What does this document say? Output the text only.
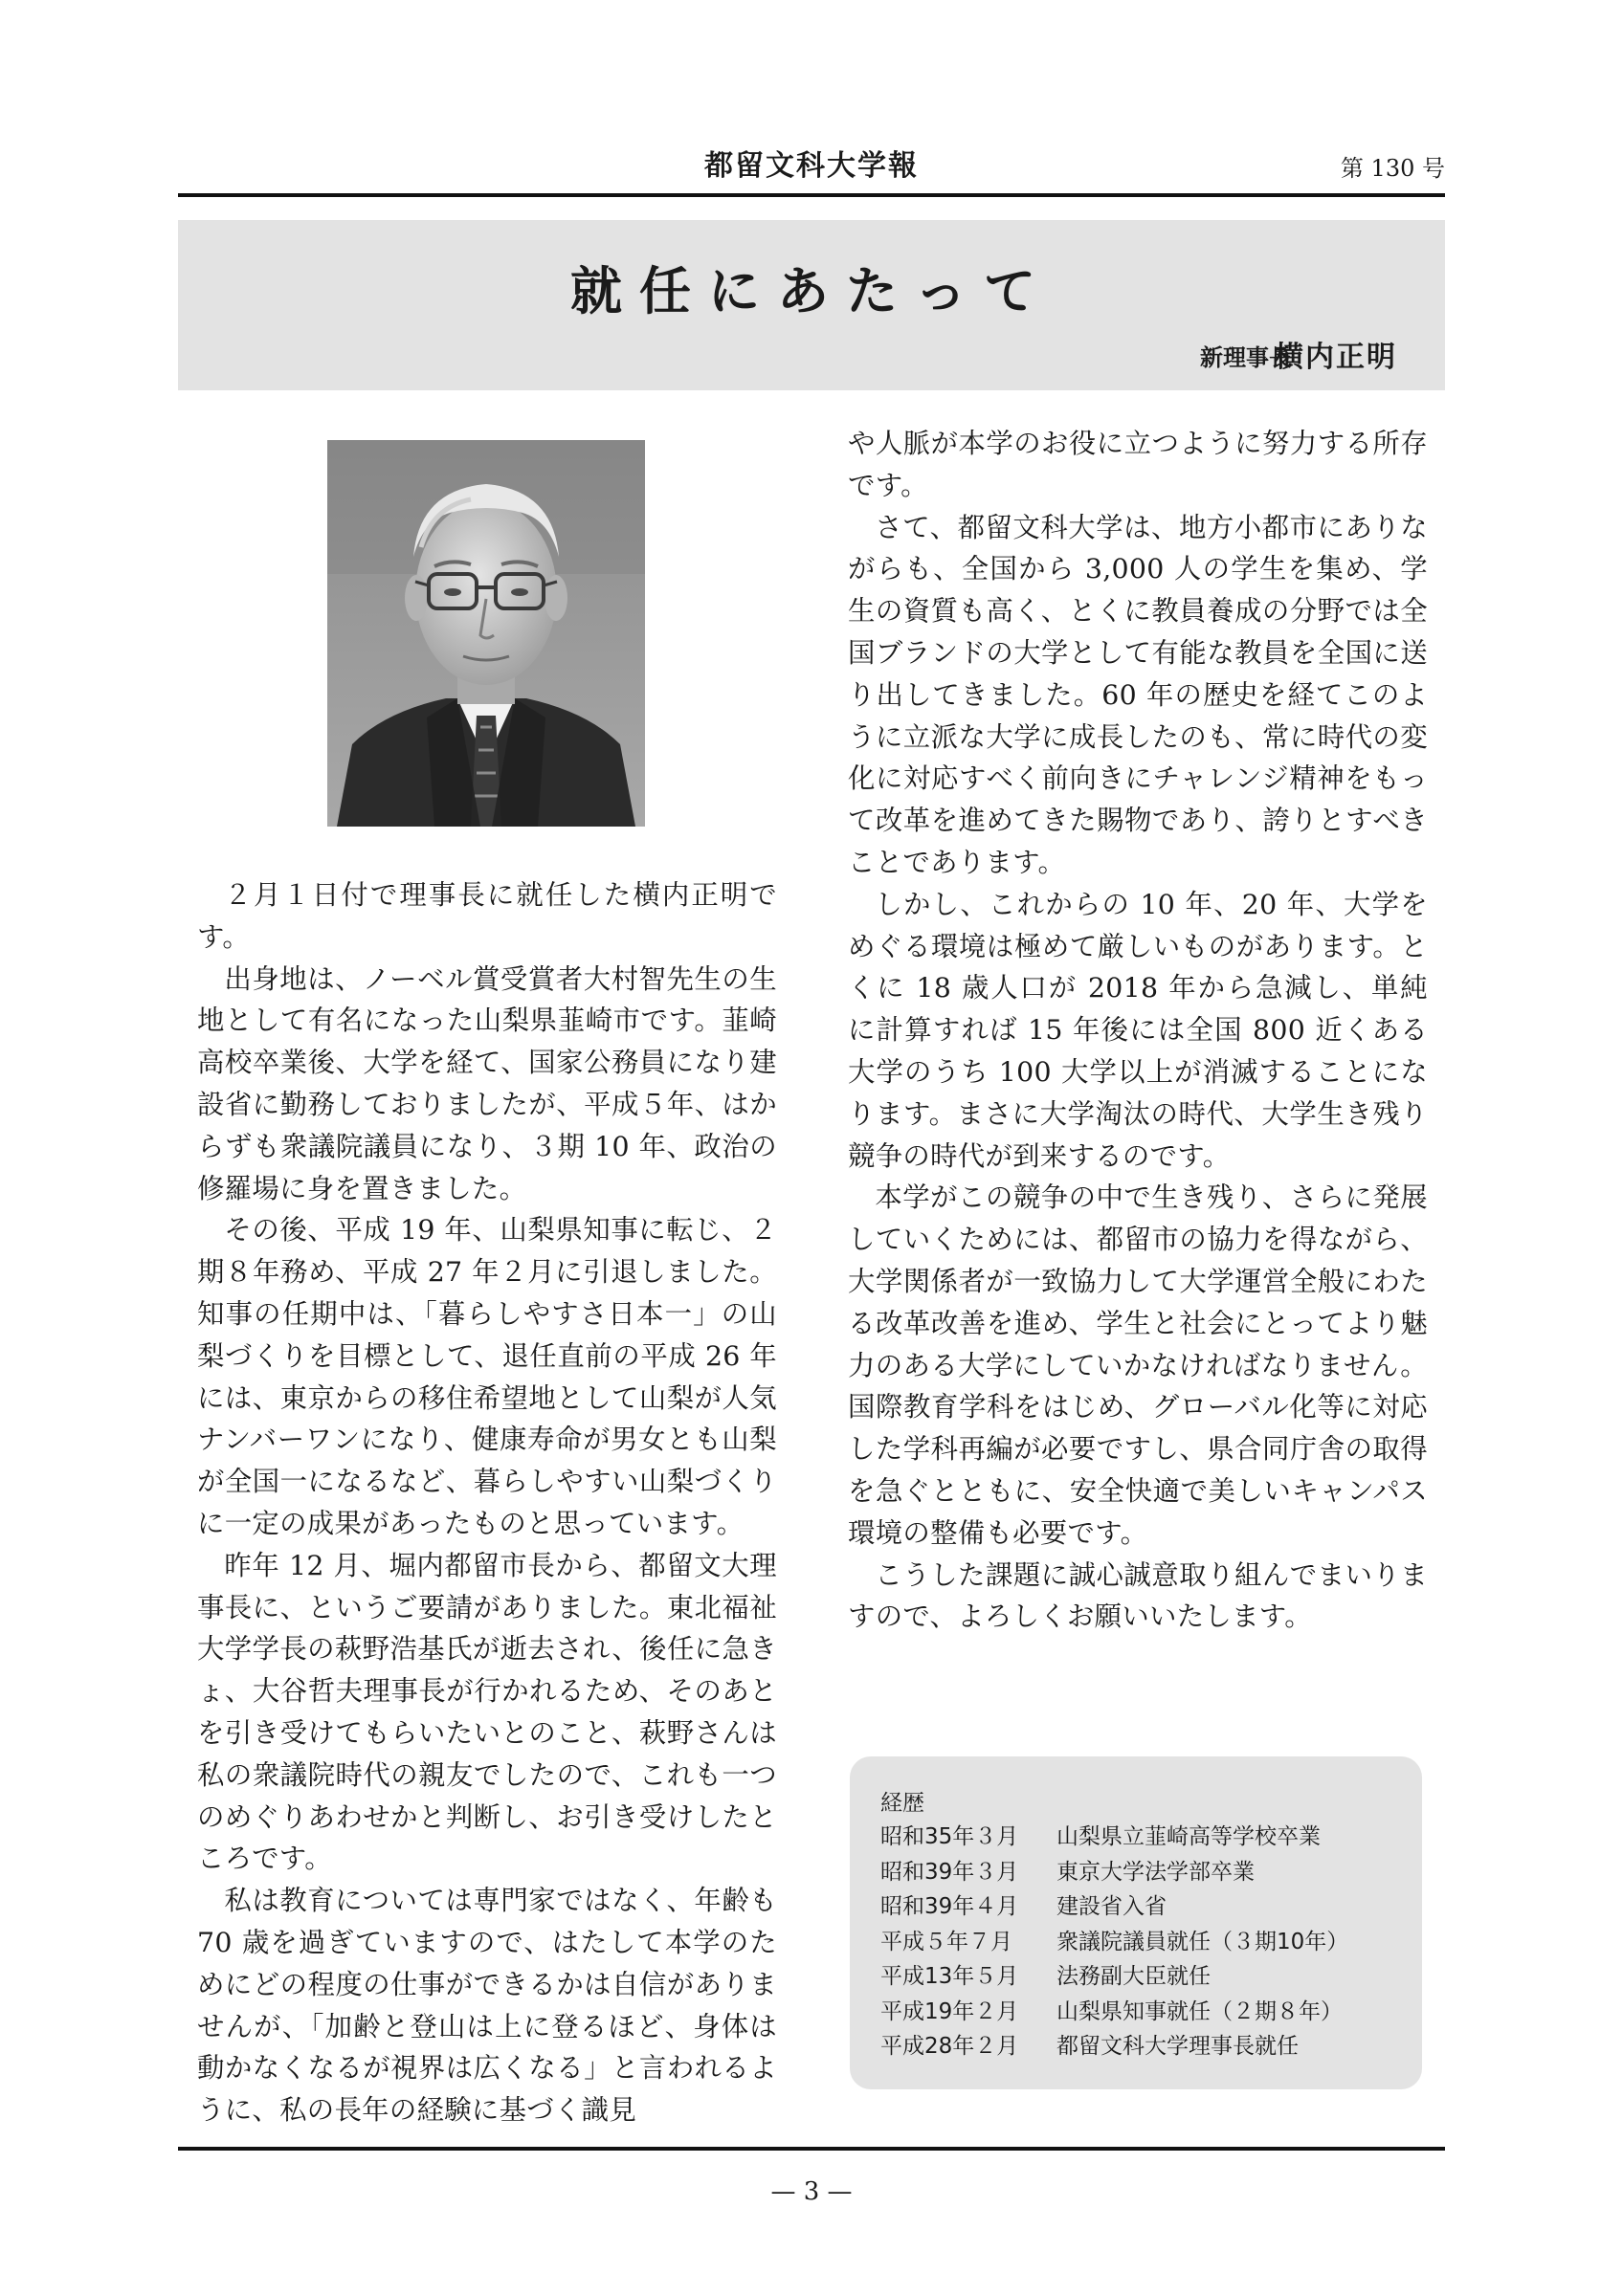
都留文科大学報	第 130 号
就任にあたって
新理事長
横内正明

２月１日付で理事長に就任した横内正明です。

出身地は、ノーベル賞受賞者大村智先生の生地として有名になった山梨県韮崎市です。韮崎高校卒業後、大学を経て、国家公務員になり建設省に勤務しておりましたが、平成５年、はからずも衆議院議員になり、３期 10 年、政治の修羅場に身を置きました。

その後、平成 19 年、山梨県知事に転じ、２期８年務め、平成 27 年２月に引退しました。知事の任期中は、「暮らしやすさ日本一」の山梨づくりを目標として、退任直前の平成 26 年には、東京からの移住希望地として山梨が人気ナンバーワンになり、健康寿命が男女とも山梨が全国一になるなど、暮らしやすい山梨づくりに一定の成果があったものと思っています。

昨年 12 月、堀内都留市長から、都留文大理事長に、というご要請がありました。東北福祉大学学長の萩野浩基氏が逝去され、後任に急きょ、大谷哲夫理事長が行かれるため、そのあとを引き受けてもらいたいとのこと、萩野さんは私の衆議院時代の親友でしたので、これも一つのめぐりあわせかと判断し、お引き受けしたところです。

私は教育については専門家ではなく、年齢も 70 歳を過ぎていますので、はたして本学のためにどの程度の仕事ができるかは自信がありませんが、「加齢と登山は上に登るほど、身体は動かなくなるが視界は広くなる」と言われるように、私の長年の経験に基づく識見

や人脈が本学のお役に立つように努力する所存です。

さて、都留文科大学は、地方小都市にありながらも、全国から 3,000 人の学生を集め、学生の資質も高く、とくに教員養成の分野では全国ブランドの大学として有能な教員を全国に送り出してきました。60 年の歴史を経てこのように立派な大学に成長したのも、常に時代の変化に対応すべく前向きにチャレンジ精神をもって改革を進めてきた賜物であり、誇りとすべきことであります。

しかし、これからの 10 年、20 年、大学をめぐる環境は極めて厳しいものがあります。とくに 18 歳人口が 2018 年から急減し、単純に計算すれば 15 年後には全国 800 近くある大学のうち 100 大学以上が消滅することになります。まさに大学淘汰の時代、大学生き残り競争の時代が到来するのです。

本学がこの競争の中で生き残り、さらに発展していくためには、都留市の協力を得ながら、大学関係者が一致協力して大学運営全般にわたる改革改善を進め、学生と社会にとってより魅力のある大学にしていかなければなりません。国際教育学科をはじめ、グローバル化等に対応した学科再編が必要ですし、県合同庁舎の取得を急ぐとともに、安全快適で美しいキャンパス環境の整備も必要です。

こうした課題に誠心誠意取り組んでまいりますので、よろしくお願いいたします。

経歴
昭和35年３月 山梨県立韮崎高等学校卒業
昭和39年３月 東京大学法学部卒業
昭和39年４月 建設省入省
平成５年７月 衆議院議員就任（３期10年）
平成13年５月 法務副大臣就任
平成19年２月 山梨県知事就任（２期８年）
平成28年２月 都留文科大学理事長就任
— 3 —
